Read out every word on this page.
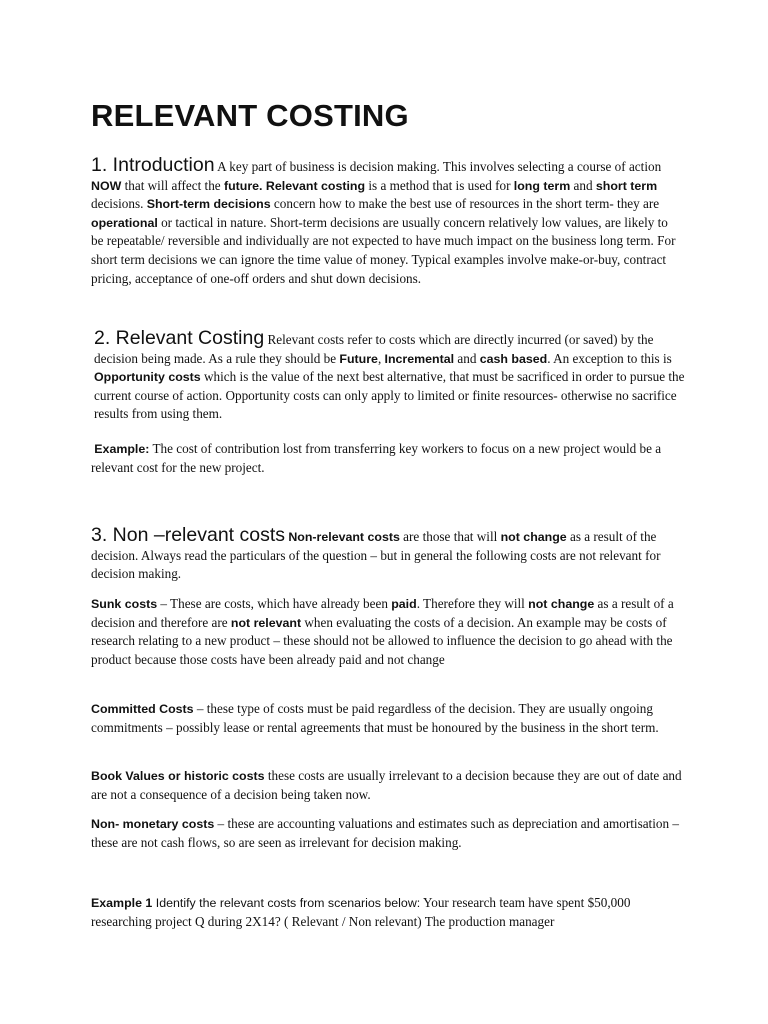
RELEVANT COSTING

1. Introduction A key part of business is decision making. This involves selecting a course of action NOW that will affect the future. Relevant costing is a method that is used for long term and short term decisions. Short-term decisions concern how to make the best use of resources in the short term- they are operational or tactical in nature. Short-term decisions are usually concern relatively low values, are likely to be repeatable/ reversible and individually are not expected to have much impact on the business long term. For short term decisions we can ignore the time value of money. Typical examples involve make-or-buy, contract pricing, acceptance of one-off orders and shut down decisions.

2. Relevant Costing Relevant costs refer to costs which are directly incurred (or saved) by the decision being made. As a rule they should be Future, Incremental and cash based. An exception to this is Opportunity costs which is the value of the next best alternative, that must be sacrificed in order to pursue the current course of action. Opportunity costs can only apply to limited or finite resources- otherwise no sacrifice results from using them.

Example: The cost of contribution lost from transferring key workers to focus on a new project would be a relevant cost for the new project.

3. Non –relevant costs Non-relevant costs are those that will not change as a result of the decision. Always read the particulars of the question – but in general the following costs are not relevant for decision making.

Sunk costs – These are costs, which have already been paid. Therefore they will not change as a result of a decision and therefore are not relevant when evaluating the costs of a decision. An example may be costs of research relating to a new product – these should not be allowed to influence the decision to go ahead with the product because those costs have been already paid and not change

Committed Costs – these type of costs must be paid regardless of the decision. They are usually ongoing commitments – possibly lease or rental agreements that must be honoured by the business in the short term.

Book Values or historic costs these costs are usually irrelevant to a decision because they are out of date and are not a consequence of a decision being taken now.

Non- monetary costs – these are accounting valuations and estimates such as depreciation and amortisation – these are not cash flows, so are seen as irrelevant for decision making.

Example 1 Identify the relevant costs from scenarios below: Your research team have spent $50,000 researching project Q during 2X14? ( Relevant / Non relevant) The production manager
